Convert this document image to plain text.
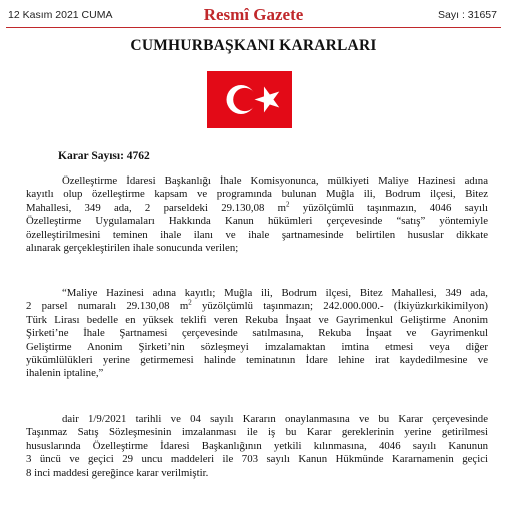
12 Kasım 2021 CUMA	Resmî Gazete	Sayı : 31657
CUMHURBAŞKANI KARARLARI
Karar Sayısı: 4762
Özelleştirme İdaresi Başkanlığı İhale Komisyonunca, mülkiyeti Maliye Hazinesi adına
kayıtlı olup özelleştirme kapsam ve programında bulunan Muğla ili, Bodrum ilçesi, Bitez
Mahallesi, 349 ada, 2 parseldeki 29.130,08 $m^2$ yüzölçümlü taşınmazın, 4046 sayılı
Özelleştirme Uygulamaları Hakkında Kanun hükümleri çerçevesinde “satış” yöntemiyle
özelleştirilmesini teminen ihale ilanı ve ihale şartnamesinde belirtilen hususlar dikkate
alınarak gerçekleştirilen ihale sonucunda verilen;
“Maliye Hazinesi adına kayıtlı; Muğla ili, Bodrum ilçesi, Bitez Mahallesi, 349 ada,
2 parsel numaralı 29.130,08 $m^2$ yüzölçümlü taşınmazın; 242.000.000.- (İkiyüzkırkikimilyon)
Türk Lirası bedelle en yüksek teklifi veren Rekuba İnşaat ve Gayrimenkul Geliştirme Anonim
Şirketi’ne İhale Şartnamesi çerçevesinde satılmasına, Rekuba İnşaat ve Gayrimenkul
Geliştirme Anonim Şirketi’nin sözleşmeyi imzalamaktan imtina etmesi veya diğer
yükümlülükleri yerine getirmemesi halinde teminatının İdare lehine irat kaydedilmesine ve
ihalenin iptaline,”
dair 1/9/2021 tarihli ve 04 sayılı Kararın onaylanmasına ve bu Karar çerçevesinde
Taşınmaz Satış Sözleşmesinin imzalanması ile iş bu Karar gereklerinin yerine getirilmesi
hususlarında Özelleştirme İdaresi Başkanlığının yetkili kılınmasına, 4046 sayılı Kanunun
3 üncü ve geçici 29 uncu maddeleri ile 703 sayılı Kanun Hükmünde Kararnamenin geçici
8 inci maddesi gereğince karar verilmiştir.
